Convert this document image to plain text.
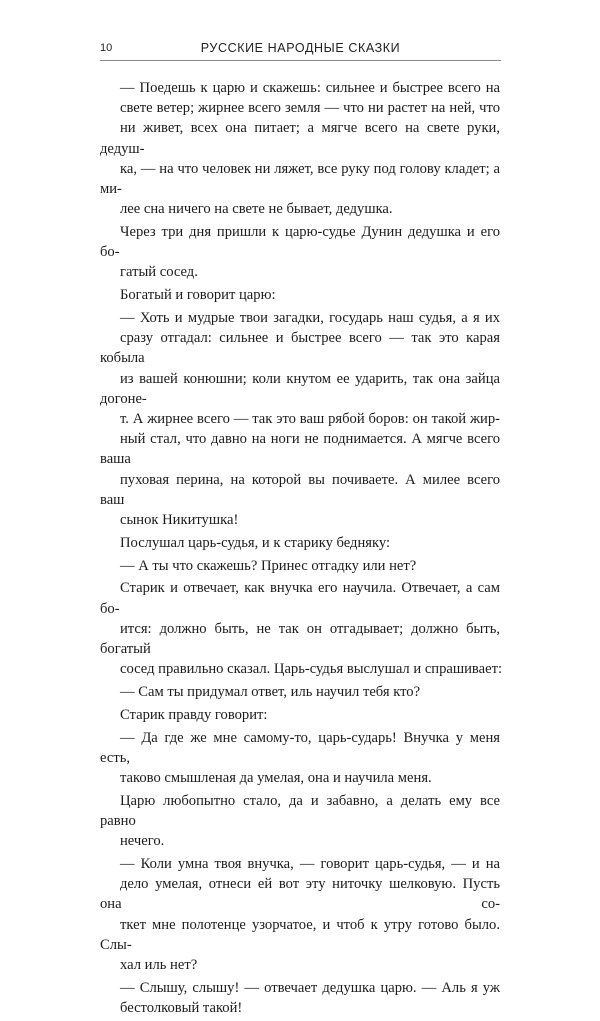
10	РУССКИЕ НАРОДНЫЕ СКАЗКИ

— Поедешь к царю и скажешь: сильнее и быстрее всего на
свете ветер; жирнее всего земля — что ни растет на ней, что
ни живет, всех она питает; а мягче всего на свете руки, дедуш-
ка, — на что человек ни ляжет, все руку под голову кладет; а ми-
лее сна ничего на свете не бывает, дедушка.

Через три дня пришли к царю-судье Дунин дедушка и его бо-
гатый сосед.

Богатый и говорит царю:

— Хоть и мудрые твои загадки, государь наш судья, а я их
сразу отгадал: сильнее и быстрее всего — так это карая кобыла
из вашей конюшни; коли кнутом ее ударить, так она зайца догоне-
т. А жирнее всего — так это ваш рябой боров: он такой жир-
ный стал, что давно на ноги не поднимается. А мягче всего ваша
пуховая перина, на которой вы почиваете. А милее всего ваш
сынок Никитушка!

Послушал царь-судья, и к старику бедняку:

— А ты что скажешь? Принес отгадку или нет?

Старик и отвечает, как внучка его научила. Отвечает, а сам бо-
ится: должно быть, не так он отгадывает; должно быть, богатый
сосед правильно сказал. Царь-судья выслушал и спрашивает:

— Сам ты придумал ответ, иль научил тебя кто?

Старик правду говорит:

— Да где же мне самому-то, царь-сударь! Внучка у меня есть,
таково смышленая да умелая, она и научила меня.

Царю любопытно стало, да и забавно, а делать ему все равно
нечего.

— Коли умна твоя внучка, — говорит царь-судья, — и на
дело умелая, отнеси ей вот эту ниточку шелковую. Пусть она со-
ткет мне полотенце узорчатое, и чтоб к утру готово было. Слы-
хал иль нет?

— Слышу, слышу! — отвечает дедушка царю. — Аль я уж
бестолковый такой!
